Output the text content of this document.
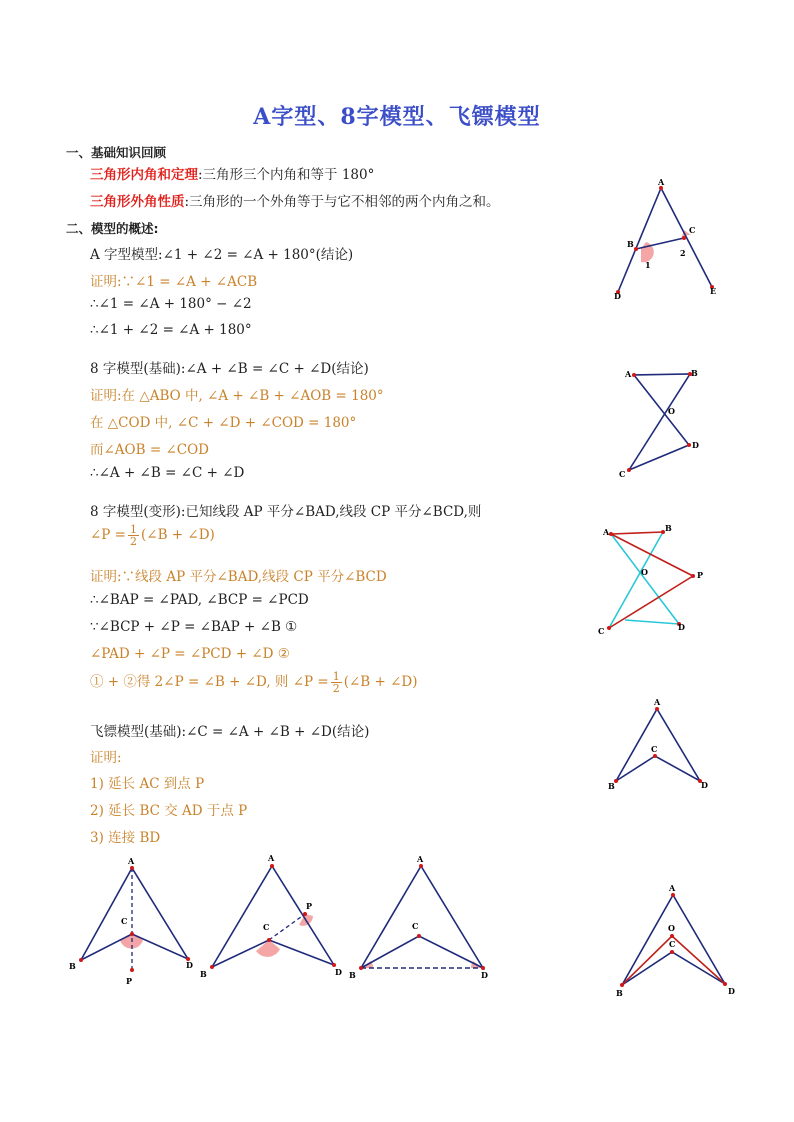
A字型、8字模型、飞镖模型
一、基础知识回顾
三角形内角和定理:三角形三个内角和等于 180°
三角形外角性质:三角形的一个外角等于与它不相邻的两个内角之和。
二、模型的概述:
A 字型模型:∠1 + ∠2 = ∠A + 180°(结论)
证明:∵∠1 = ∠A + ∠ACB
∴∠1 = ∠A + 180° − ∠2
∴∠1 + ∠2 = ∠A + 180°
8 字模型(基础):∠A + ∠B = ∠C + ∠D(结论)
证明:在 △ABO 中, ∠A + ∠B + ∠AOB = 180°
在 △COD 中, ∠C + ∠D + ∠COD = 180°
而∠AOB = ∠COD
∴∠A + ∠B = ∠C + ∠D
8 字模型(变形):已知线段 AP 平分∠BAD,线段 CP 平分∠BCD,则
∠P = $\frac{1}{2}$ (∠B + ∠D)
证明:∵线段 AP 平分∠BAD,线段 CP 平分∠BCD
∴∠BAP = ∠PAD, ∠BCP = ∠PCD
∵∠BCP + ∠P = ∠BAP + ∠B ①
∠PAD + ∠P = ∠PCD + ∠D ②
① + ②得 2∠P = ∠B + ∠D, 则 ∠P = $\frac{1}{2}$ (∠B + ∠D)
飞镖模型(基础):∠C = ∠A + ∠B + ∠D(结论)
证明:
1) 延长 AC 到点 P
2) 延长 BC 交 AD 于点 P
3) 连接 BD
A
B
C
D	E
1
2
A	B
O
C
D
A	B
O	P
C	D
A
C
B	D
A
C
B	D
P
A
P
C
B	D
A
C
B	D
A
O
C
B	D
